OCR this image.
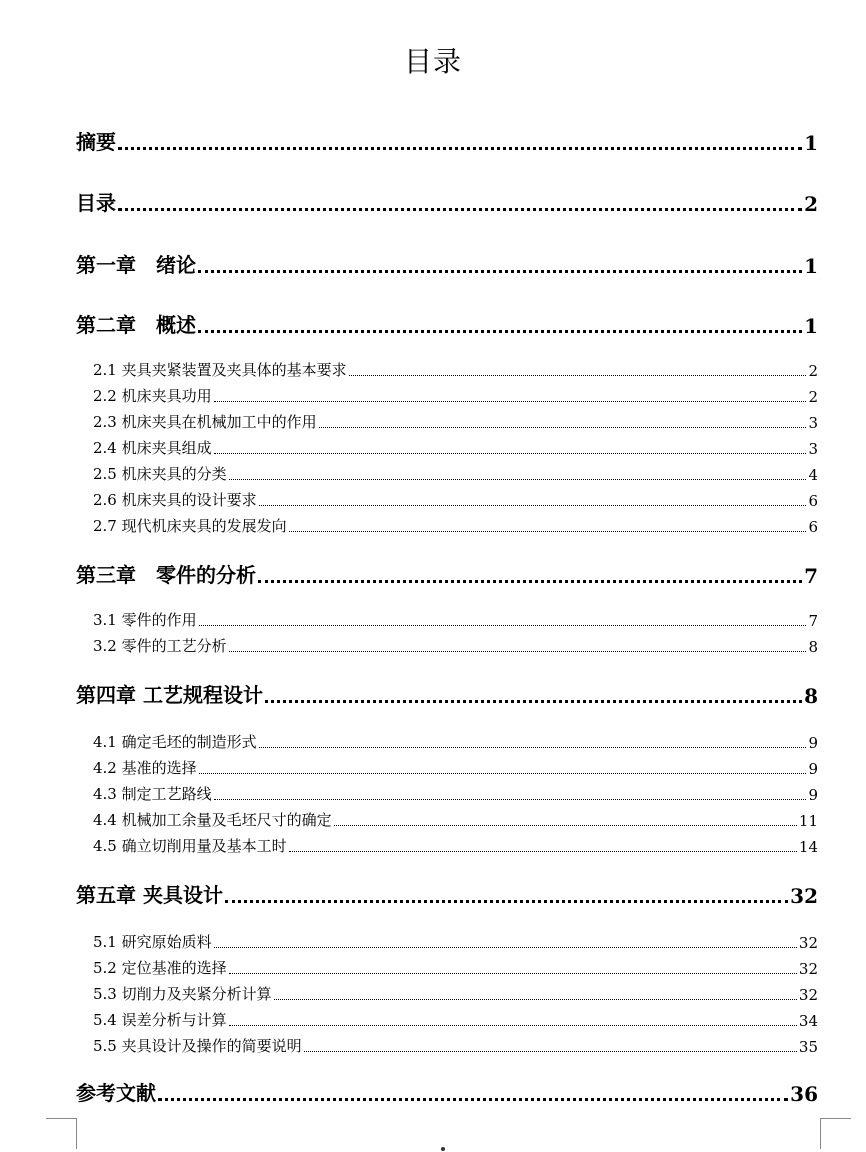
目录
摘要	1
目录	2
第一章　绪论	1
第二章　概述	1
2.1 夹具夹紧装置及夹具体的基本要求	2
2.2 机床夹具功用	2
2.3 机床夹具在机械加工中的作用	3
2.4 机床夹具组成	3
2.5 机床夹具的分类	4
2.6 机床夹具的设计要求	6
2.7 现代机床夹具的发展发向	6
第三章　零件的分析	7
3.1 零件的作用	7
3.2 零件的工艺分析	8
第四章 工艺规程设计	8
4.1 确定毛坯的制造形式	9
4.2 基准的选择	9
4.3 制定工艺路线	9
4.4 机械加工余量及毛坯尺寸的确定	11
4.5 确立切削用量及基本工时	14
第五章 夹具设计	32
5.1 研究原始质料	32
5.2 定位基准的选择	32
5.3 切削力及夹紧分析计算	32
5.4 误差分析与计算	34
5.5 夹具设计及操作的简要说明	35
参考文献	36
